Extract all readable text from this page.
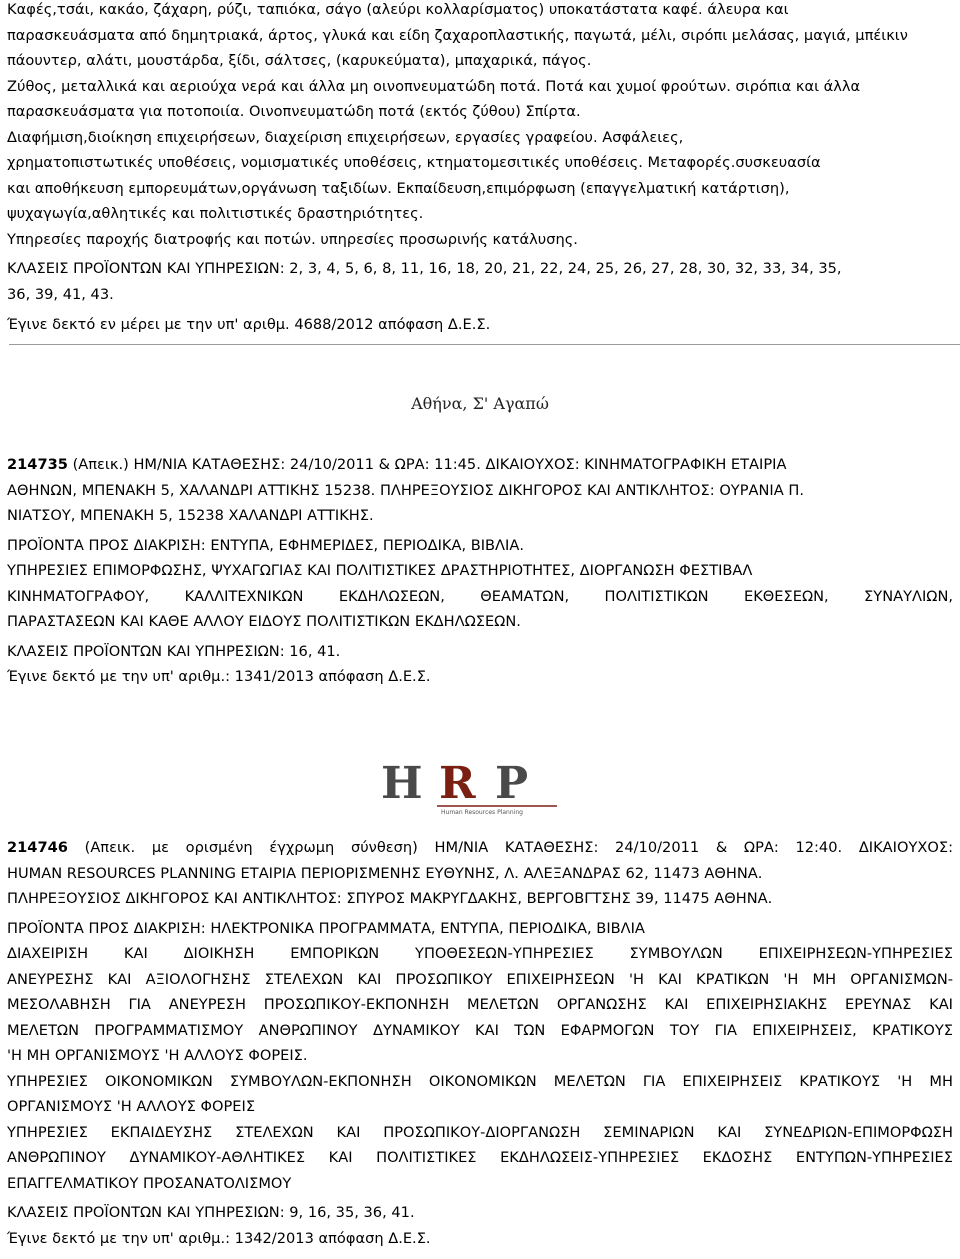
Καφές,τσάι, κακάο, ζάχαρη, ρύζι, ταπιόκα, σάγο (αλεύρι κολλαρίσματος) υποκατάστατα καφέ. άλευρα και

παρασκευάσματα από δημητριακά, άρτος, γλυκά και είδη ζαχαροπλαστικής, παγωτά, μέλι, σιρόπι μελάσας, μαγιά, μπέικιν

πάουντερ, αλάτι, μουστάρδα, ξίδι, σάλτσες, (καρυκεύματα), μπαχαρικά, πάγος.

Ζύθος, μεταλλικά και αεριούχα νερά και άλλα μη οινοπνευματώδη ποτά. Ποτά και χυμοί φρούτων. σιρόπια και άλλα

παρασκευάσματα για ποτοποιία. Οινοπνευματώδη ποτά (εκτός ζύθου) Σπίρτα.

Διαφήμιση,διοίκηση επιχειρήσεων, διαχείριση επιχειρήσεων, εργασίες γραφείου. Ασφάλειες,

χρηματοπιστωτικές υποθέσεις, νομισματικές υποθέσεις, κτηματομεσιτικές υποθέσεις. Μεταφορές.συσκευασία

και αποθήκευση εμπορευμάτων,οργάνωση ταξιδίων. Εκπαίδευση,επιμόρφωση (επαγγελματική κατάρτιση),

ψυχαγωγία,αθλητικές και πολιτιστικές δραστηριότητες.

Υπηρεσίες παροχής διατροφής και ποτών. υπηρεσίες προσωρινής κατάλυσης.

ΚΛΑΣΕΙΣ ΠΡΟΪΟΝΤΩΝ ΚΑΙ ΥΠΗΡΕΣΙΩΝ: 2, 3, 4, 5, 6, 8, 11, 16, 18, 20, 21, 22, 24, 25, 26, 27, 28, 30, 32, 33, 34, 35,

36, 39, 41, 43.

Έγινε δεκτό εν μέρει με την υπ' αριθμ. 4688/2012 απόφαση Δ.Ε.Σ.

Αθήνα, Σ' Αγαπώ

214735 (Απεικ.) ΗΜ/ΝΙΑ ΚΑΤΑΘΕΣΗΣ: 24/10/2011 & ΩΡΑ: 11:45. ΔΙΚΑΙΟΥΧΟΣ: ΚΙΝΗΜΑΤΟΓΡΑΦΙΚΗ ΕΤΑΙΡΙΑ

ΑΘΗΝΩΝ, ΜΠΕΝΑΚΗ 5, ΧΑΛΑΝΔΡΙ ΑΤΤΙΚΗΣ 15238. ΠΛΗΡΕΞΟΥΣΙΟΣ ΔΙΚΗΓΟΡΟΣ ΚΑΙ ΑΝΤΙΚΛΗΤΟΣ: ΟΥΡΑΝΙΑ Π.

ΝΙΑΤΣΟΥ, ΜΠΕΝΑΚΗ 5, 15238 ΧΑΛΑΝΔΡΙ ΑΤΤΙΚΗΣ.

ΠΡΟΪΟΝΤΑ ΠΡΟΣ ΔΙΑΚΡΙΣΗ: ΕΝΤΥΠΑ, ΕΦΗΜΕΡΙΔΕΣ, ΠΕΡΙΟΔΙΚΑ, ΒΙΒΛΙΑ.

ΥΠΗΡΕΣΙΕΣ ΕΠΙΜΟΡΦΩΣΗΣ, ΨΥΧΑΓΩΓΙΑΣ ΚΑΙ ΠΟΛΙΤΙΣΤΙΚΕΣ ΔΡΑΣΤΗΡΙΟΤΗΤΕΣ, ΔΙΟΡΓΑΝΩΣΗ ΦΕΣΤΙΒΑΛ

ΚΙΝΗΜΑΤΟΓΡΑΦΟΥ, ΚΑΛΛΙΤΕΧΝΙΚΩΝ ΕΚΔΗΛΩΣΕΩΝ, ΘΕΑΜΑΤΩΝ, ΠΟΛΙΤΙΣΤΙΚΩΝ ΕΚΘΕΣΕΩΝ, ΣΥΝΑΥΛΙΩΝ,

ΠΑΡΑΣΤΑΣΕΩΝ ΚΑΙ ΚΑΘΕ ΑΛΛΟΥ ΕΙΔΟΥΣ ΠΟΛΙΤΙΣΤΙΚΩΝ ΕΚΔΗΛΩΣΕΩΝ.

ΚΛΑΣΕΙΣ ΠΡΟΪΟΝΤΩΝ ΚΑΙ ΥΠΗΡΕΣΙΩΝ: 16, 41.

Έγινε δεκτό με την υπ' αριθμ.: 1341/2013 απόφαση Δ.Ε.Σ.

H R P
Human Resources Planning

214746 (Απεικ. με ορισμένη έγχρωμη σύνθεση) ΗΜ/ΝΙΑ ΚΑΤΑΘΕΣΗΣ: 24/10/2011 & ΩΡΑ: 12:40. ΔΙΚΑΙΟΥΧΟΣ:

HUMAN RESOURCES PLANNING ΕΤΑΙΡΙΑ ΠΕΡΙΟΡΙΣΜΕΝΗΣ ΕΥΘΥΝΗΣ, Λ. ΑΛΕΞΑΝΔΡΑΣ 62, 11473 ΑΘΗΝΑ.

ΠΛΗΡΕΞΟΥΣΙΟΣ ΔΙΚΗΓΟΡΟΣ ΚΑΙ ΑΝΤΙΚΛΗΤΟΣ: ΣΠΥΡΟΣ ΜΑΚΡΥΓΔΑΚΗΣ, ΒΕΡΓΟΒΓΤΣΗΣ 39, 11475 ΑΘΗΝΑ.

ΠΡΟΪΟΝΤΑ ΠΡΟΣ ΔΙΑΚΡΙΣΗ: ΗΛΕΚΤΡΟΝΙΚΑ ΠΡΟΓΡΑΜΜΑΤΑ, ΕΝΤΥΠΑ, ΠΕΡΙΟΔΙΚΑ, ΒΙΒΛΙΑ

ΔΙΑΧΕΙΡΙΣΗ ΚΑΙ ΔΙΟΙΚΗΣΗ ΕΜΠΟΡΙΚΩΝ ΥΠΟΘΕΣΕΩΝ-ΥΠΗΡΕΣΙΕΣ ΣΥΜΒΟΥΛΩΝ ΕΠΙΧΕΙΡΗΣΕΩΝ-ΥΠΗΡΕΣΙΕΣ

ΑΝΕΥΡΕΣΗΣ ΚΑΙ ΑΞΙΟΛΟΓΗΣΗΣ ΣΤΕΛΕΧΩΝ ΚΑΙ ΠΡΟΣΩΠΙΚΟΥ ΕΠΙΧΕΙΡΗΣΕΩΝ 'Η ΚΑΙ ΚΡΑΤΙΚΩΝ 'Η ΜΗ ΟΡΓΑΝΙΣΜΩΝ-

ΜΕΣΟΛΑΒΗΣΗ ΓΙΑ ΑΝΕΥΡΕΣΗ ΠΡΟΣΩΠΙΚΟΥ-ΕΚΠΟΝΗΣΗ ΜΕΛΕΤΩΝ ΟΡΓΑΝΩΣΗΣ ΚΑΙ ΕΠΙΧΕΙΡΗΣΙΑΚΗΣ ΕΡΕΥΝΑΣ ΚΑΙ

ΜΕΛΕΤΩΝ ΠΡΟΓΡΑΜΜΑΤΙΣΜΟΥ ΑΝΘΡΩΠΙΝΟΥ ΔΥΝΑΜΙΚΟΥ ΚΑΙ ΤΩΝ ΕΦΑΡΜΟΓΩΝ ΤΟΥ ΓΙΑ ΕΠΙΧΕΙΡΗΣΕΙΣ, ΚΡΑΤΙΚΟΥΣ

'Η ΜΗ ΟΡΓΑΝΙΣΜΟΥΣ 'Η ΑΛΛΟΥΣ ΦΟΡΕΙΣ.

ΥΠΗΡΕΣΙΕΣ ΟΙΚΟΝΟΜΙΚΩΝ ΣΥΜΒΟΥΛΩΝ-ΕΚΠΟΝΗΣΗ ΟΙΚΟΝΟΜΙΚΩΝ ΜΕΛΕΤΩΝ ΓΙΑ ΕΠΙΧΕΙΡΗΣΕΙΣ ΚΡΑΤΙΚΟΥΣ 'Η ΜΗ

ΟΡΓΑΝΙΣΜΟΥΣ 'Η ΑΛΛΟΥΣ ΦΟΡΕΙΣ

ΥΠΗΡΕΣΙΕΣ ΕΚΠΑΙΔΕΥΣΗΣ ΣΤΕΛΕΧΩΝ ΚΑΙ ΠΡΟΣΩΠΙΚΟΥ-ΔΙΟΡΓΑΝΩΣΗ ΣΕΜΙΝΑΡΙΩΝ ΚΑΙ ΣΥΝΕΔΡΙΩΝ-ΕΠΙΜΟΡΦΩΣΗ

ΑΝΘΡΩΠΙΝΟΥ ΔΥΝΑΜΙΚΟΥ-ΑΘΛΗΤΙΚΕΣ ΚΑΙ ΠΟΛΙΤΙΣΤΙΚΕΣ ΕΚΔΗΛΩΣΕΙΣ-ΥΠΗΡΕΣΙΕΣ ΕΚΔΟΣΗΣ ΕΝΤΥΠΩΝ-ΥΠΗΡΕΣΙΕΣ

ΕΠΑΓΓΕΛΜΑΤΙΚΟΥ ΠΡΟΣΑΝΑΤΟΛΙΣΜΟΥ

ΚΛΑΣΕΙΣ ΠΡΟΪΟΝΤΩΝ ΚΑΙ ΥΠΗΡΕΣΙΩΝ: 9, 16, 35, 36, 41.

Έγινε δεκτό με την υπ' αριθμ.: 1342/2013 απόφαση Δ.Ε.Σ.
